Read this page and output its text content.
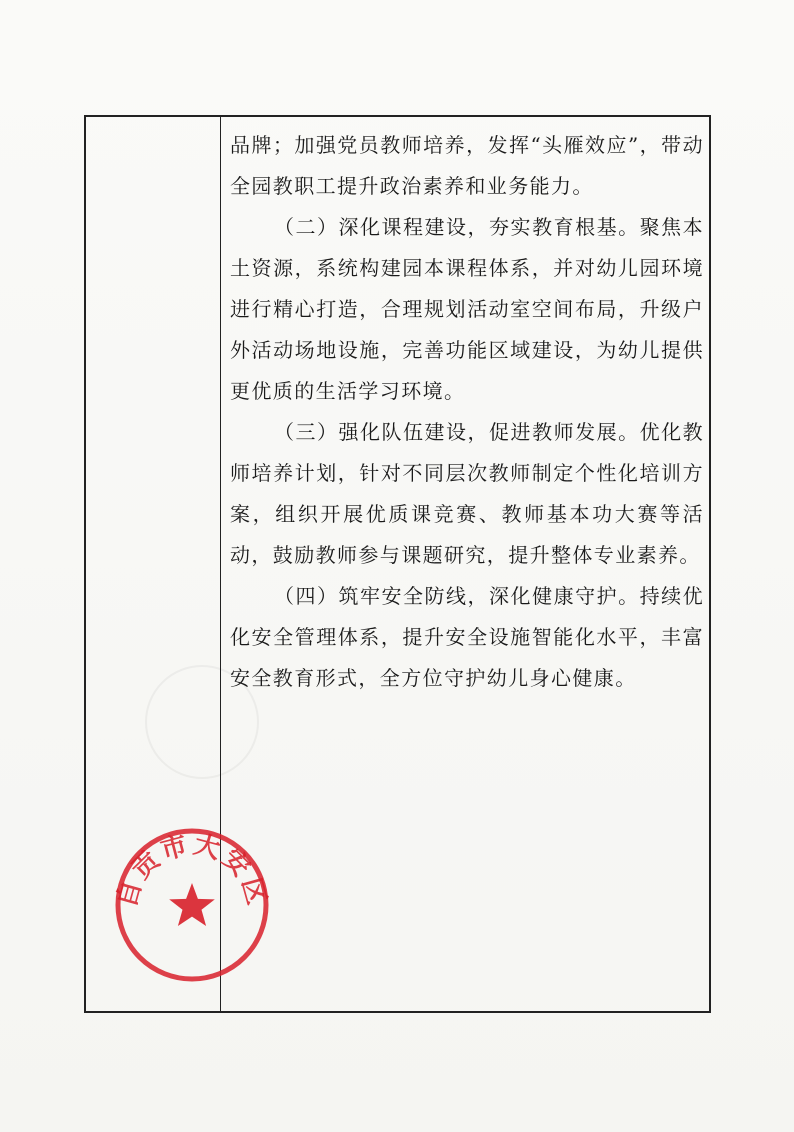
品牌；加强党员教师培养，发挥“头雁效应”，带动全园教职工提升政治素养和业务能力。

（二）深化课程建设，夯实教育根基。聚焦本土资源，系统构建园本课程体系，并对幼儿园环境进行精心打造，合理规划活动室空间布局，升级户外活动场地设施，完善功能区域建设，为幼儿提供更优质的生活学习环境。

（三）强化队伍建设，促进教师发展。优化教师培养计划，针对不同层次教师制定个性化培训方案，组织开展优质课竞赛、教师基本功大赛等活动，鼓励教师参与课题研究，提升整体专业素养。

（四）筑牢安全防线，深化健康守护。持续优化安全管理体系，提升安全设施智能化水平，丰富安全教育形式，全方位守护幼儿身心健康。

自贡市大安区
